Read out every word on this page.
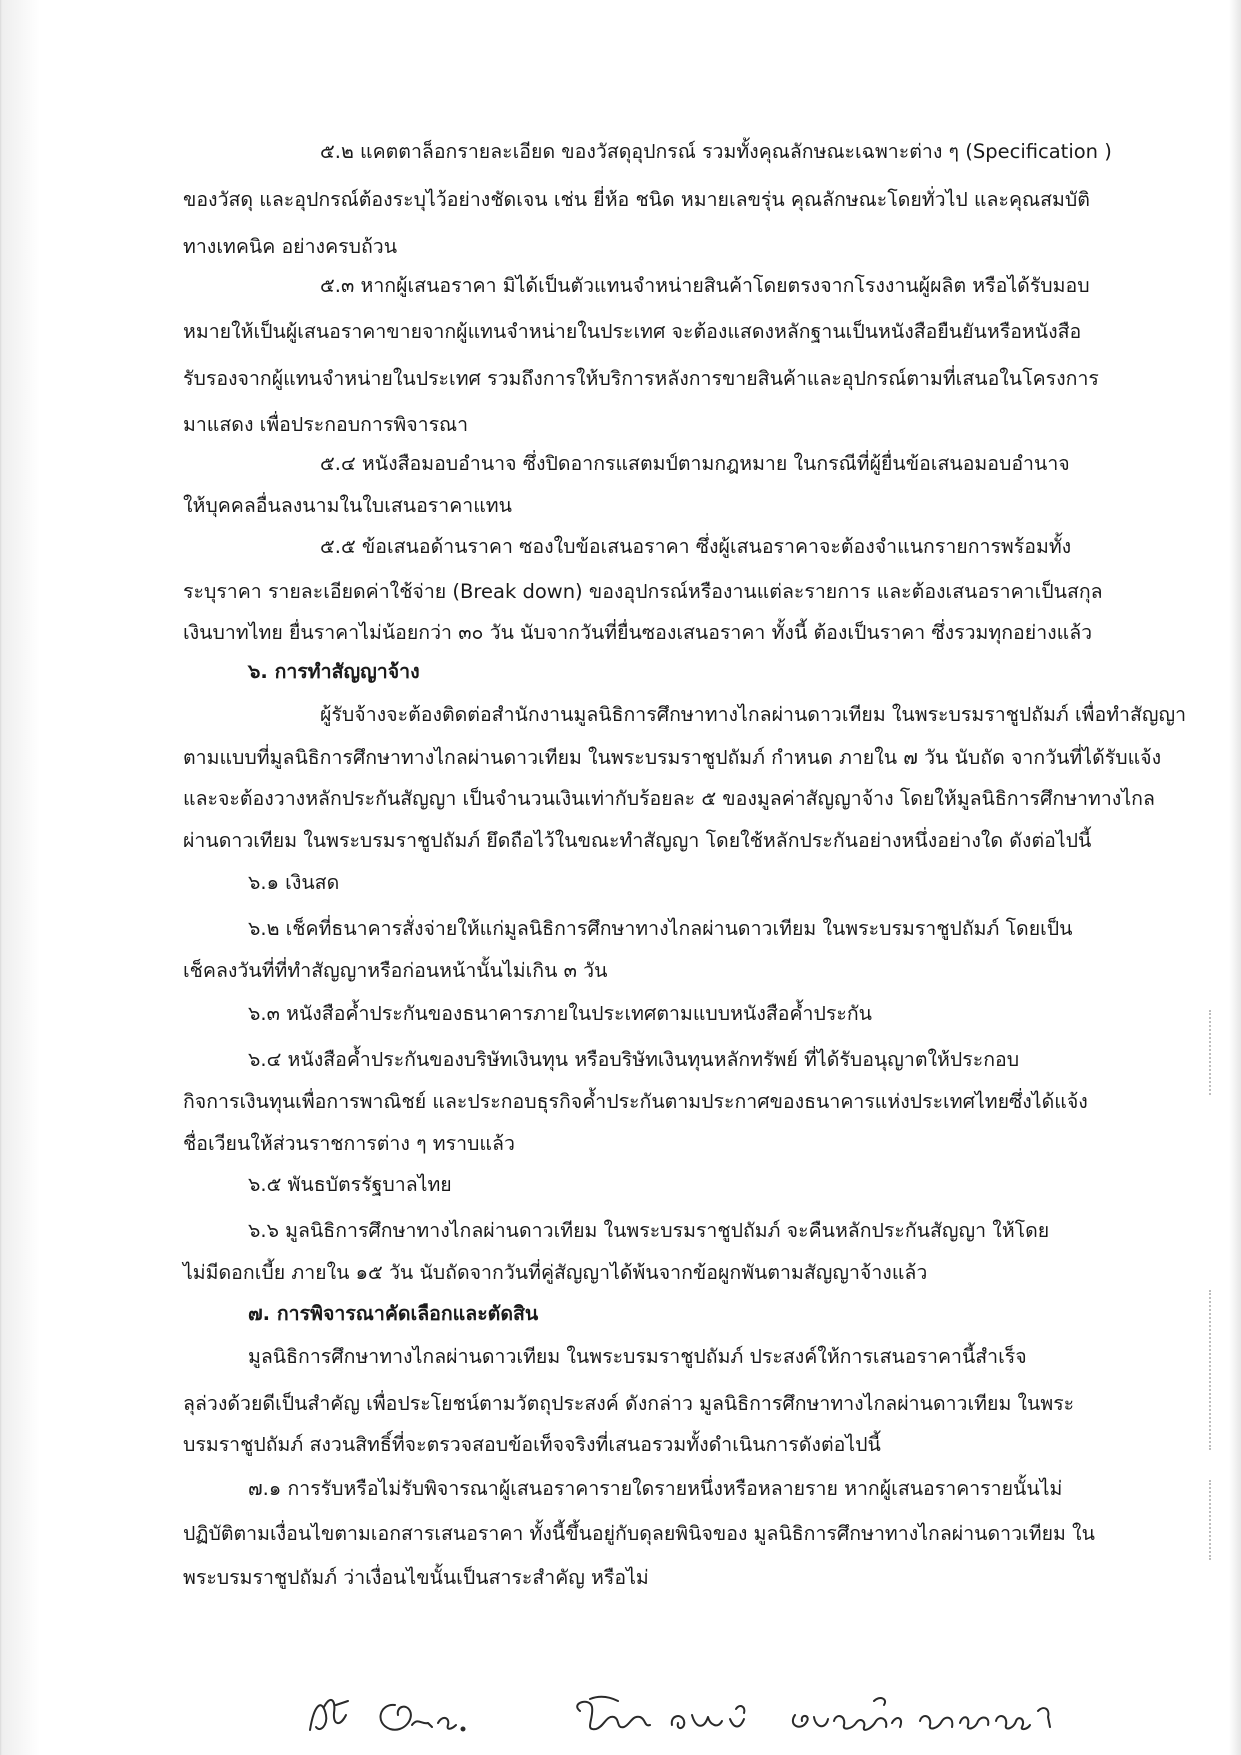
๕.๒ แคตตาล็อกรายละเอียด ของวัสดุอุปกรณ์ รวมทั้งคุณลักษณะเฉพาะต่าง ๆ (Specification )
ของวัสดุ และอุปกรณ์ต้องระบุไว้อย่างชัดเจน เช่น ยี่ห้อ ชนิด หมายเลขรุ่น คุณลักษณะโดยทั่วไป และคุณสมบัติ
ทางเทคนิค อย่างครบถ้วน
๕.๓ หากผู้เสนอราคา มิได้เป็นตัวแทนจำหน่ายสินค้าโดยตรงจากโรงงานผู้ผลิต หรือได้รับมอบ
หมายให้เป็นผู้เสนอราคาขายจากผู้แทนจำหน่ายในประเทศ จะต้องแสดงหลักฐานเป็นหนังสือยืนยันหรือหนังสือ
รับรองจากผู้แทนจำหน่ายในประเทศ รวมถึงการให้บริการหลังการขายสินค้าและอุปกรณ์ตามที่เสนอในโครงการ
มาแสดง เพื่อประกอบการพิจารณา
๕.๔ หนังสือมอบอำนาจ ซึ่งปิดอากรแสตมป์ตามกฎหมาย ในกรณีที่ผู้ยื่นข้อเสนอมอบอำนาจ
ให้บุคคลอื่นลงนามในใบเสนอราคาแทน
๕.๕ ข้อเสนอด้านราคา ซองใบข้อเสนอราคา ซึ่งผู้เสนอราคาจะต้องจำแนกรายการพร้อมทั้ง
ระบุราคา รายละเอียดค่าใช้จ่าย (Break down) ของอุปกรณ์หรืองานแต่ละรายการ และต้องเสนอราคาเป็นสกุล
เงินบาทไทย ยื่นราคาไม่น้อยกว่า ๓๐ วัน นับจากวันที่ยื่นซองเสนอราคา ทั้งนี้ ต้องเป็นราคา ซึ่งรวมทุกอย่างแล้ว
๖. การทำสัญญาจ้าง
ผู้รับจ้างจะต้องติดต่อสำนักงานมูลนิธิการศึกษาทางไกลผ่านดาวเทียม ในพระบรมราชูปถัมภ์ เพื่อทำสัญญา
ตามแบบที่มูลนิธิการศึกษาทางไกลผ่านดาวเทียม ในพระบรมราชูปถัมภ์ กำหนด ภายใน ๗ วัน นับถัด จากวันที่ได้รับแจ้ง
และจะต้องวางหลักประกันสัญญา เป็นจำนวนเงินเท่ากับร้อยละ ๕ ของมูลค่าสัญญาจ้าง โดยให้มูลนิธิการศึกษาทางไกล
ผ่านดาวเทียม ในพระบรมราชูปถัมภ์ ยึดถือไว้ในขณะทำสัญญา โดยใช้หลักประกันอย่างหนึ่งอย่างใด ดังต่อไปนี้
๖.๑ เงินสด
๖.๒ เช็คที่ธนาคารสั่งจ่ายให้แก่มูลนิธิการศึกษาทางไกลผ่านดาวเทียม ในพระบรมราชูปถัมภ์ โดยเป็น
เช็คลงวันที่ที่ทำสัญญาหรือก่อนหน้านั้นไม่เกิน ๓ วัน
๖.๓ หนังสือค้ำประกันของธนาคารภายในประเทศตามแบบหนังสือค้ำประกัน
๖.๔ หนังสือค้ำประกันของบริษัทเงินทุน หรือบริษัทเงินทุนหลักทรัพย์ ที่ได้รับอนุญาตให้ประกอบ
กิจการเงินทุนเพื่อการพาณิชย์ และประกอบธุรกิจค้ำประกันตามประกาศของธนาคารแห่งประเทศไทยซึ่งได้แจ้ง
ชื่อเวียนให้ส่วนราชการต่าง ๆ ทราบแล้ว
๖.๕ พันธบัตรรัฐบาลไทย
๖.๖ มูลนิธิการศึกษาทางไกลผ่านดาวเทียม ในพระบรมราชูปถัมภ์ จะคืนหลักประกันสัญญา ให้โดย
ไม่มีดอกเบี้ย ภายใน ๑๕ วัน นับถัดจากวันที่คู่สัญญาได้พ้นจากข้อผูกพันตามสัญญาจ้างแล้ว
๗. การพิจารณาคัดเลือกและตัดสิน
มูลนิธิการศึกษาทางไกลผ่านดาวเทียม ในพระบรมราชูปถัมภ์ ประสงค์ให้การเสนอราคานี้สำเร็จ
ลุล่วงด้วยดีเป็นสำคัญ เพื่อประโยชน์ตามวัตถุประสงค์ ดังกล่าว มูลนิธิการศึกษาทางไกลผ่านดาวเทียม ในพระ
บรมราชูปถัมภ์ สงวนสิทธิ์ที่จะตรวจสอบข้อเท็จจริงที่เสนอรวมทั้งดำเนินการดังต่อไปนี้
๗.๑ การรับหรือไม่รับพิจารณาผู้เสนอราคารายใดรายหนึ่งหรือหลายราย หากผู้เสนอราคารายนั้นไม่
ปฏิบัติตามเงื่อนไขตามเอกสารเสนอราคา ทั้งนี้ขึ้นอยู่กับดุลยพินิจของ มูลนิธิการศึกษาทางไกลผ่านดาวเทียม ใน
พระบรมราชูปถัมภ์ ว่าเงื่อนไขนั้นเป็นสาระสำคัญ หรือไม่
